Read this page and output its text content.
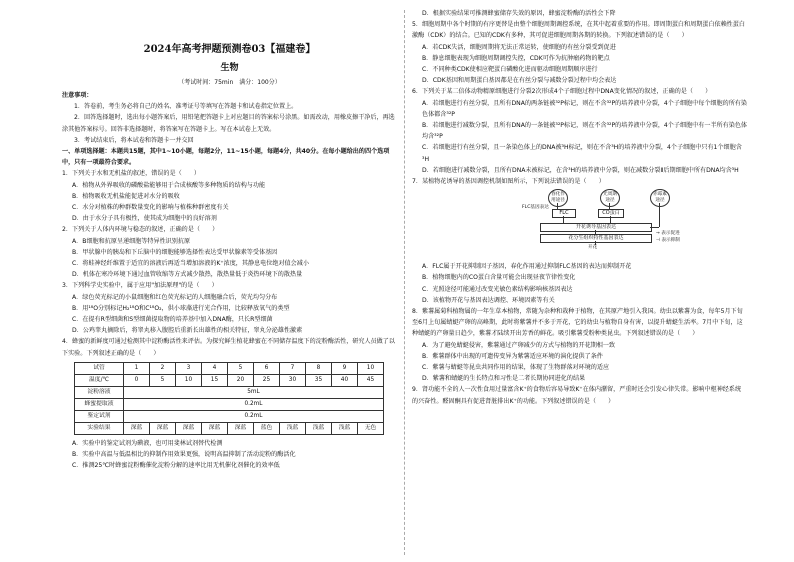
2024年高考押题预测卷03【福建卷】
生物
（考试时间：75min　满分：100分）

注意事项：

1．答卷前，考生务必将自己的姓名、准考证号等填写在答题卡和试卷指定位置上。

2．回答选择题时，选出每小题答案后，用铅笔把答题卡上对应题目的答案标号涂黑。如需改动，用橡皮擦干净后，再选涂其他答案标号。回答非选择题时，将答案写在答题卡上。写在本试卷上无效。

3．考试结束后，将本试卷和答题卡一并交回

一、单项选择题：本题共15题，其中1~10小题，每题2分，11~15小题，每题4分，共40分。在每小题给出的四个选项中，只有一项最符合要求。

1．下列关于水和无机盐的叙述，错误的是（　　）

A．植物从外界吸收的磷酸盐能够用于合成核酸等多种物质的结构与功能

B．植物吸收无机盐能促进对水分的吸收

C．水分对植株的种群数量变化的影响与植株种群密度有关

D．由于水分子具有极性，使其成为细胞中的良好溶剂

2．下列关于人体内环境与稳态的叙述，正确的是（　　）

A．B细胞和抗原呈递细胞等特异性识别抗原

B．甲状腺中的胰岛和下丘脑中的细胞能够选择性表达受甲状腺素等受体基因

C．将蛙神经纤维置于适宜的溶液后再适当增加溶液的K⁺浓度，其静息电位绝对值会减小

D．机体在寒冷环境下通过血管收缩等方式减少散热，散热量低于炎热环境下的散热量

3．下列科学史实验中，属于应用"加法原理"的是（　　）

A．绿色荧光标记的小鼠细胞和红色荧光标记的人细胞融合后，荧光均匀分布

B．用¹⁸O分别标记H₂¹⁸O和C¹⁸O₂，供小球藻进行光合作用，比较释放氧气的类型

C．在提有R型细菌和S型细菌提取物的培养基中加入DNA酶，只长R型细菌

D．公鸡睾丸摘除后，将睾丸移入腹腔后重新长出雄性的相关特征，睾丸分泌雄性激素

4．蜂蜜的新鲜度可通过检测其中淀粉酶活性来评估。为探究鲜生植花蜂蜜在不同储存温度下的淀粉酶活性，研究人员做了以下实验。下列叙述正确的是（　　）

试管	1	2	3	4	5	6	7	8	9	10
温度/℃	0	5	10	15	20	25	30	35	40	45
淀粉溶液	5mL									
蜂蜜提取液	0.2mL									
鉴定试剂	0.2mL									
实验结果	深蓝	深蓝	深蓝	深蓝	深蓝	蓝色	浅蓝	浅蓝	浅蓝	无色

A．实验中的鉴定试剂为碘液，也可用斐林试剂替代检测

B．实验中高温与低温相比的抑制作用效果更强，说明高温抑制了活动淀粉的酶活化

C．推测25℃时蜂蜜淀粉酶催化淀粉分解的速率比用无机催化剂催化的效率低

D．根据实验结果可推测蜂蜜储存失效的原因，蜂蜜淀粉酶的活性会下降

5．细胞周期中各个时期的有序更替是由整个细胞周期调控系统，在其中起着重要的作用。即周期蛋白和周期蛋白依赖性蛋白激酶（CDK）的结合。已知的CDK有多种，其可促进细胞周期各期的转换。下列叙述错误的是（　　）

A．若CDK失活，细胞周期将无法正常运转，使细胞的有丝分裂受到促进

B．静息细胞表现为细胞周期调控失控，CDK可作为抗肿瘤药物的靶点

C．不同种类CDK使相应靶蛋白磷酸化进而驱动细胞周期顺序进行

D．CDK基因和周期蛋白基因都是在有丝分裂与减数分裂过程中均会表达

6．下列关于某二倍体动物精原细胞进行分裂2次形成4个子细胞过程中DNA变化情况的叙述，正确的是（　　）

A．若细胞进行有丝分裂，且所有DNA的两条链被³²P标记，则在不含³²P的培养液中分裂，4个子细胞中每个细胞的所有染色体都含³²P

B．若细胞进行减数分裂，且所有DNA的一条链被³²P标记，则在不含³²P的培养液中分裂，4个子细胞中有一半所有染色体均含³²P

C．若细胞进行有丝分裂，且一条染色体上的DNA被³H标记，则在不含³H的培养液中分裂，4个子细胞中只有1个细胞含³H

D．若细胞进行减数分裂，且所有DNA未被标记，在含³H的培养液中分裂，则在减数分裂Ⅱ后期细胞中所有DNA均含³H

7．某植物花诱导的基因调控机制如图所示，下列说法错误的是（　　）

春化作用途径
光周期途径
赤霉素途径
FLC基因表达
FLC	CO蛋白
开花诱导基因表达
花分生组织特性基因表达
开花
→ 表示促进
⊣ 表示抑制

A．FLC属于开花抑制因子基因，春化作用通过抑制FLC基因的表达而抑制开花

B．植物细胞内的CO蛋白含量可能会出现昼夜节律性变化

C．光照途径可能通过改变光敏色素结构影响核基因表达

D．该植物开花与基因表达调控、环境因素等有关

8．紫薯属菊科植物属的一年生草本植物，常随为杂种和栽种于植物，在其原产地引入我国。幼虫以紫薯为食，每年5月下旬至6月上旬属蜻蜓产卵的高峰期，此时将紫薯并不多于开花，它的幼虫与植物自身有害，以提升蜻蜓生活率。7月中下旬，这种蜻蜓的产卵量日趋少，紫薯才陆续开出芳香的鲜花。吸引紫薯受粉种类昆虫。下列叙述错误的是（　　）

A．为了避免蜻蜓侵害，紫薯通过产卵减少的方式与植物的开花期相一致

B．紫薯群体中出现的可遗传变异为紫薯适应环境的演化提供了条件

C．紫薯与蜻蜓等昆虫共同作用的结果，体现了生物群落对环境的适应

D．紫薯和蜻蜓的生长特点和习性是二者长期协同进化的结果

9．肾功能不全的人一次性食用过量富含K⁺的食物后容易导致K⁺在体内潴留，严重时还会引发心律失常。影响中枢神经系统的兴奋性。醛固酮具有促进肾脏排出K⁺的功能。下列叙述错误的是（　　）
